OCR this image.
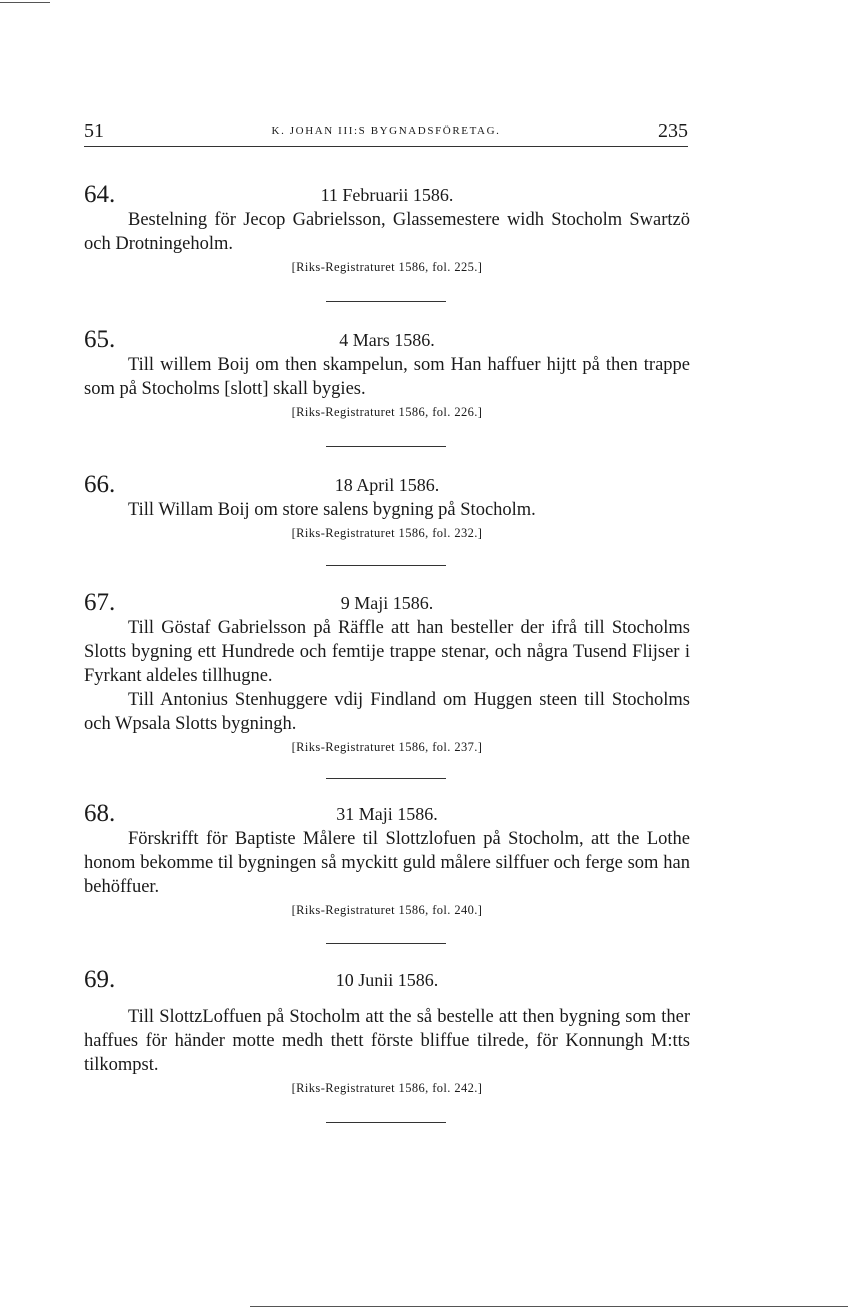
51	K. JOHAN III:S BYGNADSFÖRETAG.	235
64.	11 Februarii 1586.

Bestelning för Jecop Gabrielsson, Glassemestere widh Stocholm Swartzö och Drotningeholm.

[Riks-Registraturet 1586, fol. 225.]
65.	4 Mars 1586.

Till willem Boij om then skampelun, som Han haffuer hijtt på then trappe som på Stocholms [slott] skall bygies.

[Riks-Registraturet 1586, fol. 226.]
66.	18 April 1586.

Till Willam Boij om store salens bygning på Stocholm.

[Riks-Registraturet 1586, fol. 232.]
67.	9 Maji 1586.

Till Göstaf Gabrielsson på Räffle att han besteller der ifrå till Stocholms Slotts bygning ett Hundrede och femtije trappe stenar, och några Tusend Flijser i Fyrkant aldeles tillhugne.

Till Antonius Stenhuggere vdij Findland om Huggen steen till Stocholms och Wpsala Slotts bygningh.

[Riks-Registraturet 1586, fol. 237.]
68.	31 Maji 1586.

Förskrifft för Baptiste Målere til Slottzlofuen på Stocholm, att the Lothe honom bekomme til bygningen så myckitt guld målere silffuer och ferge som han behöffuer.

[Riks-Registraturet 1586, fol. 240.]
69.	10 Junii 1586.

Till SlottzLoffuen på Stocholm att the så bestelle att then bygning som ther haffues för händer motte medh thett förste bliffue tilrede, för Konnungh M:tts tilkompst.

[Riks-Registraturet 1586, fol. 242.]
